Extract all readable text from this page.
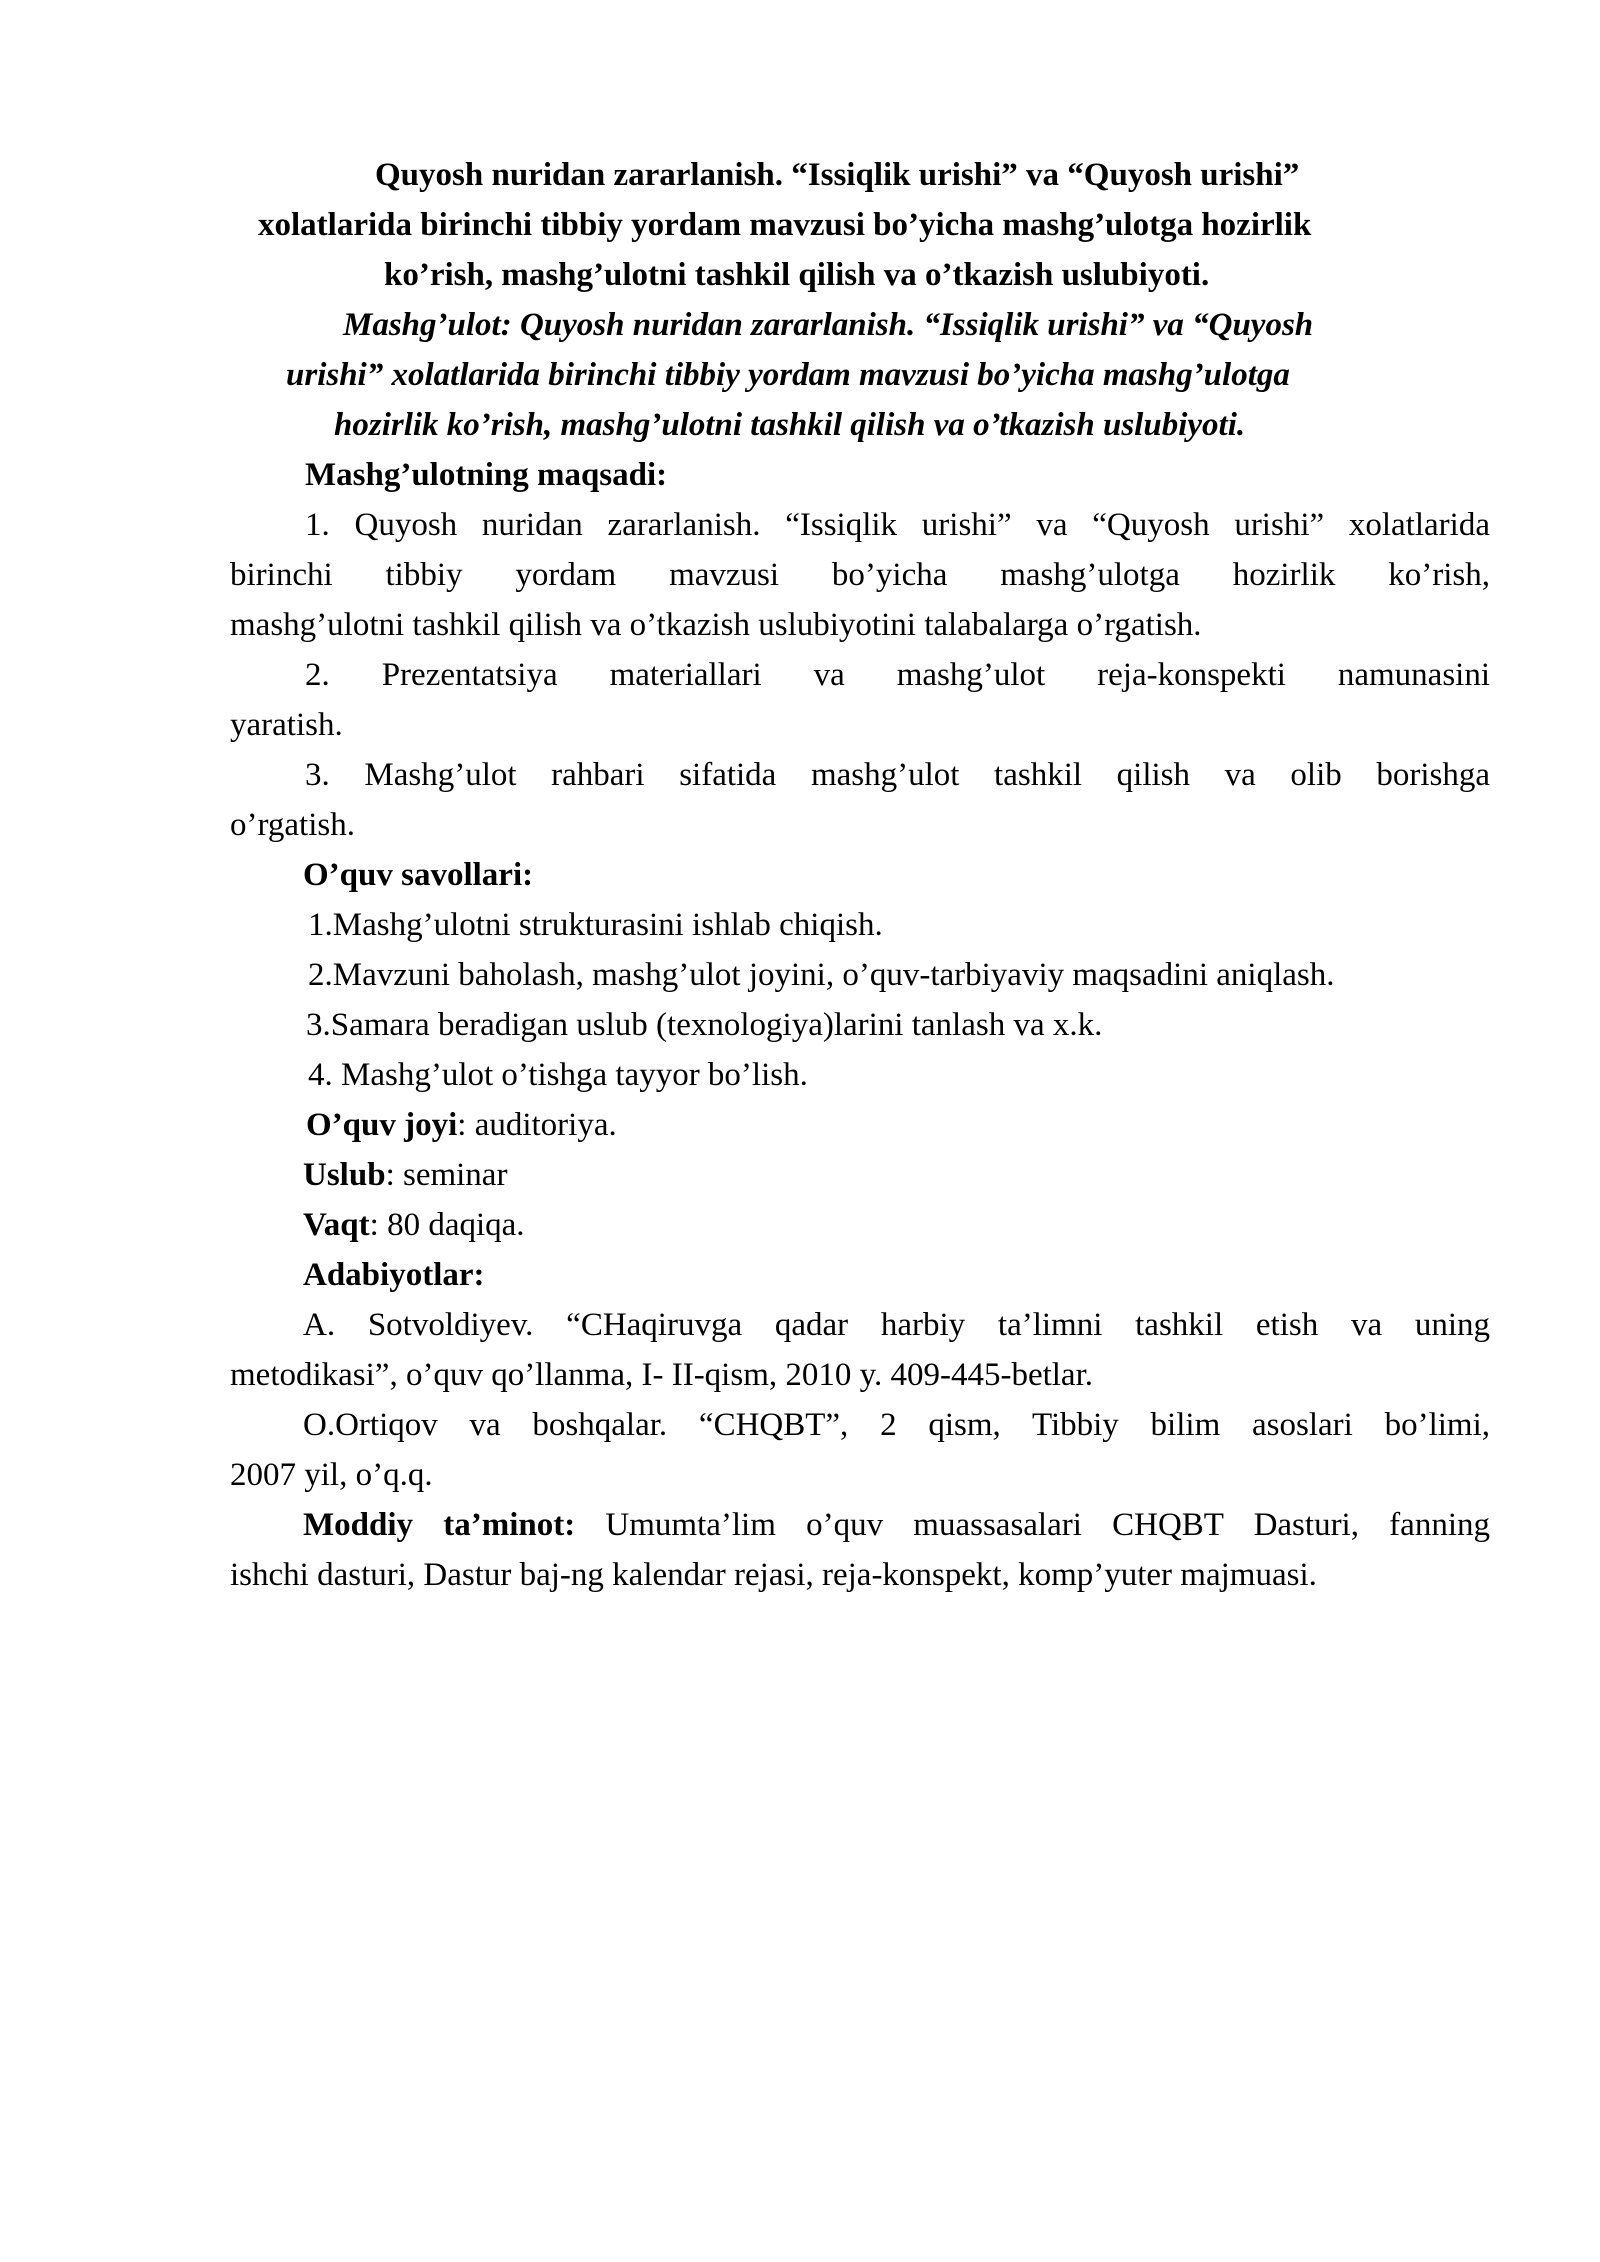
Quyosh nuridan zararlanish. “Issiqlik urishi” va “Quyosh urishi”
xolatlarida birinchi tibbiy yordam mavzusi bo’yicha mashg’ulotga hozirlik
ko’rish, mashg’ulotni tashkil qilish va o’tkazish uslubiyoti.
Mashg’ulot: Quyosh nuridan zararlanish. “Issiqlik urishi” va “Quyosh
urishi” xolatlarida birinchi tibbiy yordam mavzusi bo’yicha mashg’ulotga
hozirlik ko’rish, mashg’ulotni tashkil qilish va o’tkazish uslubiyoti.
Mashg’ulotning maqsadi:
1. Quyosh nuridan zararlanish. “Issiqlik urishi” va “Quyosh urishi” xolatlarida
birinchi tibbiy yordam mavzusi bo’yicha mashg’ulotga hozirlik ko’rish,
mashg’ulotni tashkil qilish va o’tkazish uslubiyotini talabalarga o’rgatish.
2. Prezentatsiya materiallari va mashg’ulot reja-konspekti namunasini
yaratish.
3. Mashg’ulot rahbari sifatida mashg’ulot tashkil qilish va olib borishga
o’rgatish.
O’quv savollari:
1.Mashg’ulotni strukturasini ishlab chiqish.
2.Mavzuni baholash, mashg’ulot joyini, o’quv-tarbiyaviy maqsadini aniqlash.
3.Samara beradigan uslub (texnologiya)larini tanlash va x.k.
4. Mashg’ulot o’tishga tayyor bo’lish.
O’quv joyi: auditoriya.
Uslub: seminar
Vaqt: 80 daqiqa.
Adabiyotlar:
A. Sotvoldiyev. “CHaqiruvga qadar harbiy ta’limni tashkil etish va uning
metodikasi”, o’quv qo’llanma, I- II-qism, 2010 y. 409-445-betlar.
O.Ortiqov va boshqalar. “CHQBT”, 2 qism, Tibbiy bilim asoslari bo’limi,
2007 yil, o’q.q.
Moddiy ta’minot: Umumta’lim o’quv muassasalari CHQBT Dasturi, fanning
ishchi dasturi, Dastur baj-ng kalendar rejasi, reja-konspekt, komp’yuter majmuasi.
